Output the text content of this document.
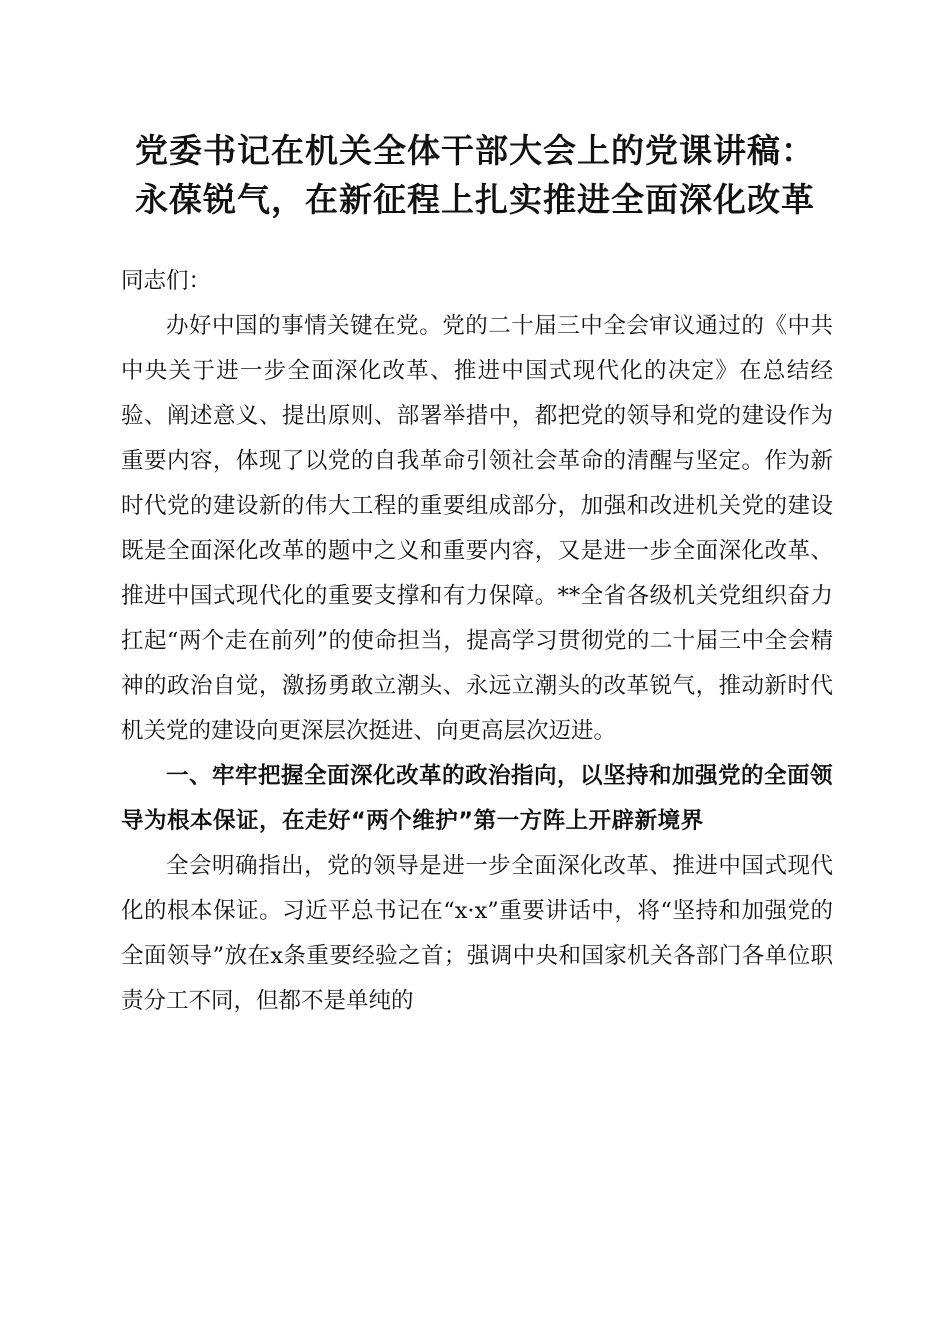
党委书记在机关全体干部大会上的党课讲稿：
永葆锐气，在新征程上扎实推进全面深化改革

同志们：

办好中国的事情关键在党。党的二十届三中全会审议通过的《中共中央关于进一步全面深化改革、推进中国式现代化的决定》在总结经验、阐述意义、提出原则、部署举措中，都把党的领导和党的建设作为重要内容，体现了以党的自我革命引领社会革命的清醒与坚定。作为新时代党的建设新的伟大工程的重要组成部分，加强和改进机关党的建设既是全面深化改革的题中之义和重要内容，又是进一步全面深化改革、推进中国式现代化的重要支撑和有力保障。**全省各级机关党组织奋力扛起“两个走在前列”的使命担当，提高学习贯彻党的二十届三中全会精神的政治自觉，激扬勇敢立潮头、永远立潮头的改革锐气，推动新时代机关党的建设向更深层次挺进、向更高层次迈进。

一、牢牢把握全面深化改革的政治指向，以坚持和加强党的全面领导为根本保证，在走好“两个维护”第一方阵上开辟新境界

全会明确指出，党的领导是进一步全面深化改革、推进中国式现代化的根本保证。习近平总书记在“x·x”重要讲话中，将“坚持和加强党的全面领导”放在x条重要经验之首；强调中央和国家机关各部门各单位职责分工不同，但都不是单纯的
